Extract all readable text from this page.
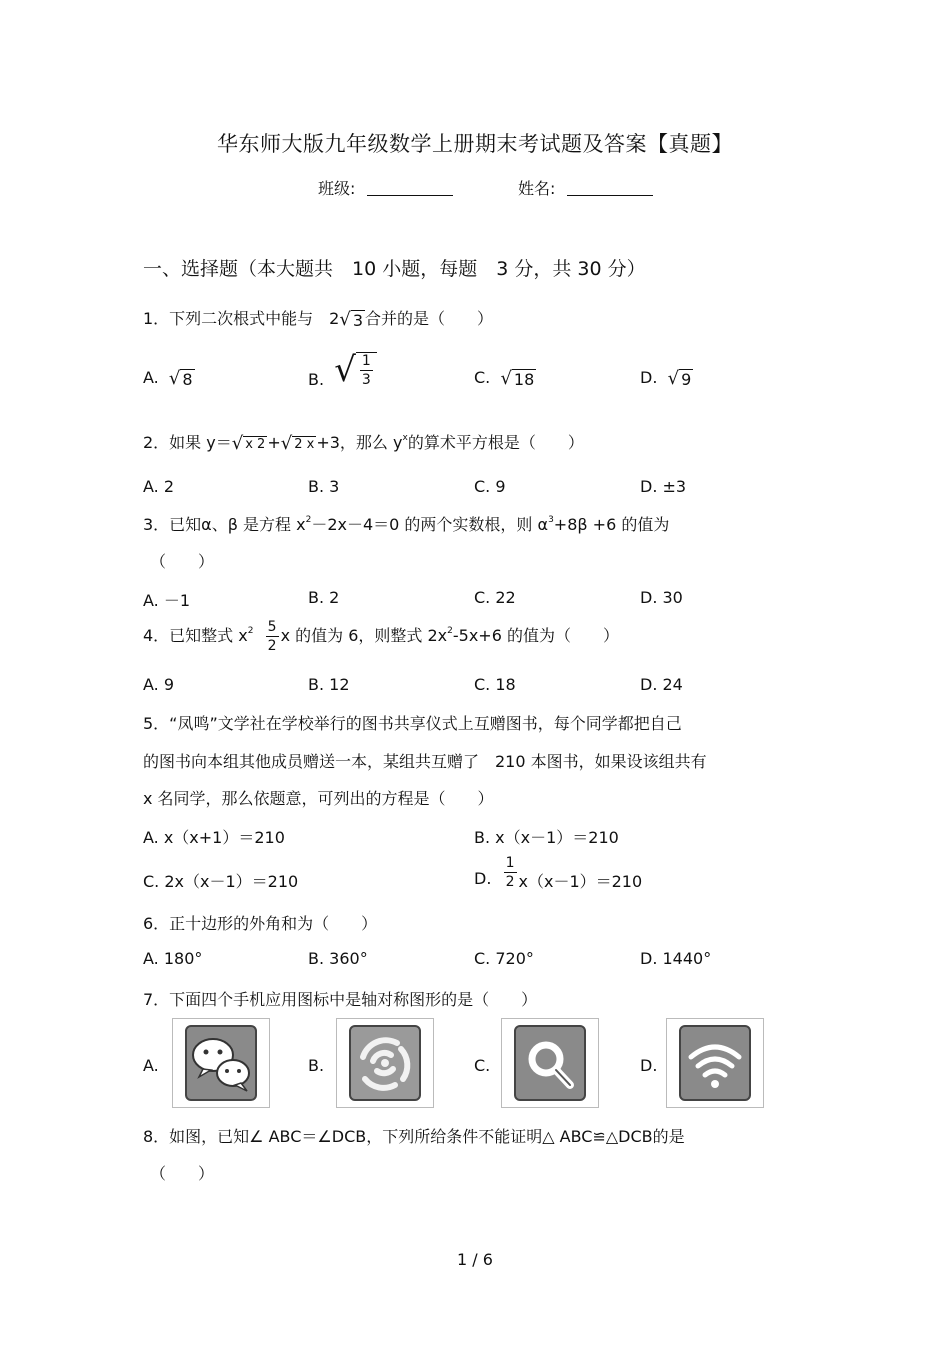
华东师大版九年级数学上册期末考试题及答案【真题】
班级:	姓名:
一、选择题（本大题共　10 小题，每题　3 分，共 30 分）
1．下列二次根式中能与　2 √ 3 合并的是（　　）
A. √ 8	B. √ $\frac{1}{3}$	C. √ 18	D. √ 9
2．如果 y＝ √ x 2 + √ 2 x +3，那么 $y^x$的算术平方根是（　　）
A. 2	B. 3	C. 9	D. ±3
3．已知α、β 是方程 $x^2-2x-4=0$ 的两个实数根，则 $\alpha^3+8\beta +6$ 的值为
（　　）
A. －1	B. 2	C. 22	D. 30
4．已知整式 $x^2 \frac{5}{2}$ x 的值为 6，则整式 $2x^2-5x+6$ 的值为（　　）
A. 9	B. 12	C. 18	D. 24
5．“凤鸣”文学社在学校举行的图书共享仪式上互赠图书，每个同学都把自己
的图书向本组其他成员赠送一本，某组共互赠了　210 本图书，如果设该组共有
x 名同学，那么依题意，可列出的方程是（　　）
A. x（x+1）＝210	B. x（x－1）＝210
C. 2x（x－1）＝210	D. $\frac{1}{2} x(x-1)=210$
6．正十边形的外角和为（　　）
A. 180°	B. 360°	C. 720°	D. 1440°
7．下面四个手机应用图标中是轴对称图形的是（　　）
A.	B.	C.	D.
8．如图，已知∠ ABC＝∠DCB，下列所给条件不能证明△ ABC≌△DCB的是
（　　）
1 / 6
